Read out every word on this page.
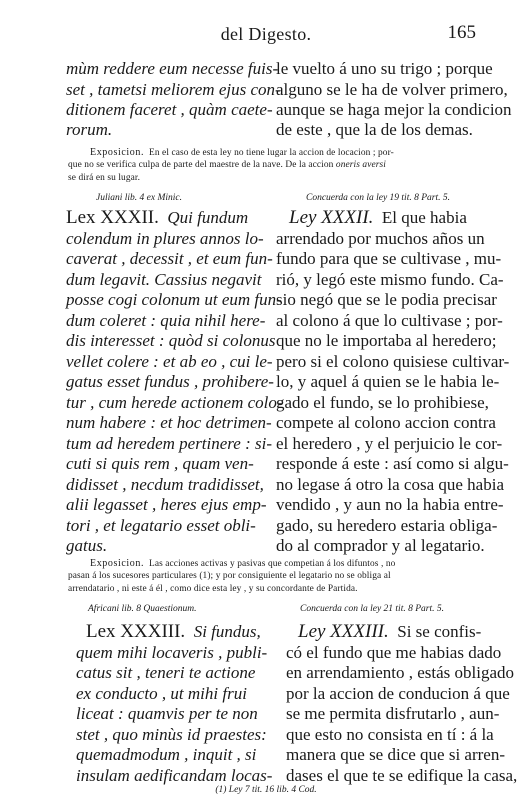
del Digesto.	165
mùm reddere eum necesse fuis-
set , tametsi meliorem ejus con-
ditionem faceret , quàm caete-
rorum.
le vuelto á uno su trigo ; porque
alguno se le ha de volver primero,
aunque se haga mejor la condicion
de este , que la de los demas.
Exposicion. En el caso de esta ley no tiene lugar la accion de locacion ; por-
que no se verifica culpa de parte del maestre de la nave. De la accion oneris aversi
se dirá en su lugar.
Juliani lib. 4 ex Minic.	Concuerda con la ley 19 tit. 8 Part. 5.
Lex XXXII. Qui fundum
colendum in plures annos lo-
caverat , decessit , et eum fun-
dum legavit. Cassius negavit
posse cogi colonum ut eum fun-
dum coleret : quia nihil here-
dis interesset : quòd si colonus
vellet colere : et ab eo , cui le-
gatus esset fundus , prohibere-
tur , cum herede actionem colo-
num habere : et hoc detrimen-
tum ad heredem pertinere : si-
cuti si quis rem , quam ven-
didisset , necdum tradidisset,
alii legasset , heres ejus emp-
tori , et legatario esset obli-
gatus.
Ley XXXII. El que habia
arrendado por muchos años un
fundo para que se cultivase , mu-
rió, y legó este mismo fundo. Ca-
sio negó que se le podia precisar
al colono á que lo cultivase ; por-
que no le importaba al heredero;
pero si el colono quisiese cultivar-
lo, y aquel á quien se le habia le-
gado el fundo, se lo prohibiese,
compete al colono accion contra
el heredero , y el perjuicio le cor-
responde á este : así como si algu-
no legase á otro la cosa que habia
vendido , y aun no la habia entre-
gado, su heredero estaria obliga-
do al comprador y al legatario.
Exposicion. Las acciones activas y pasivas que competian á los difuntos , no
pasan á los sucesores particulares (1); y por consiguiente el legatario no se obliga al
arrendatario , ni este á él , como dice esta ley , y su concordante de Partida.
Africani lib. 8 Quaestionum.	Concuerda con la ley 21 tit. 8 Part. 5.
Lex XXXIII. Si fundus,
quem mihi locaveris , publi-
catus sit , teneri te actione
ex conducto , ut mihi frui
liceat : quamvis per te non
stet , quo minùs id praestes:
quemadmodum , inquit , si
insulam aedificandam locas-
Ley XXXIII. Si se confis-
có el fundo que me habias dado
en arrendamiento , estás obligado
por la accion de conducion á que
se me permita disfrutarlo , aun-
que esto no consista en tí : á la
manera que se dice que si arren-
dases el que te se edifique la casa,
(1) Ley 7 tit. 16 lib. 4 Cod.
